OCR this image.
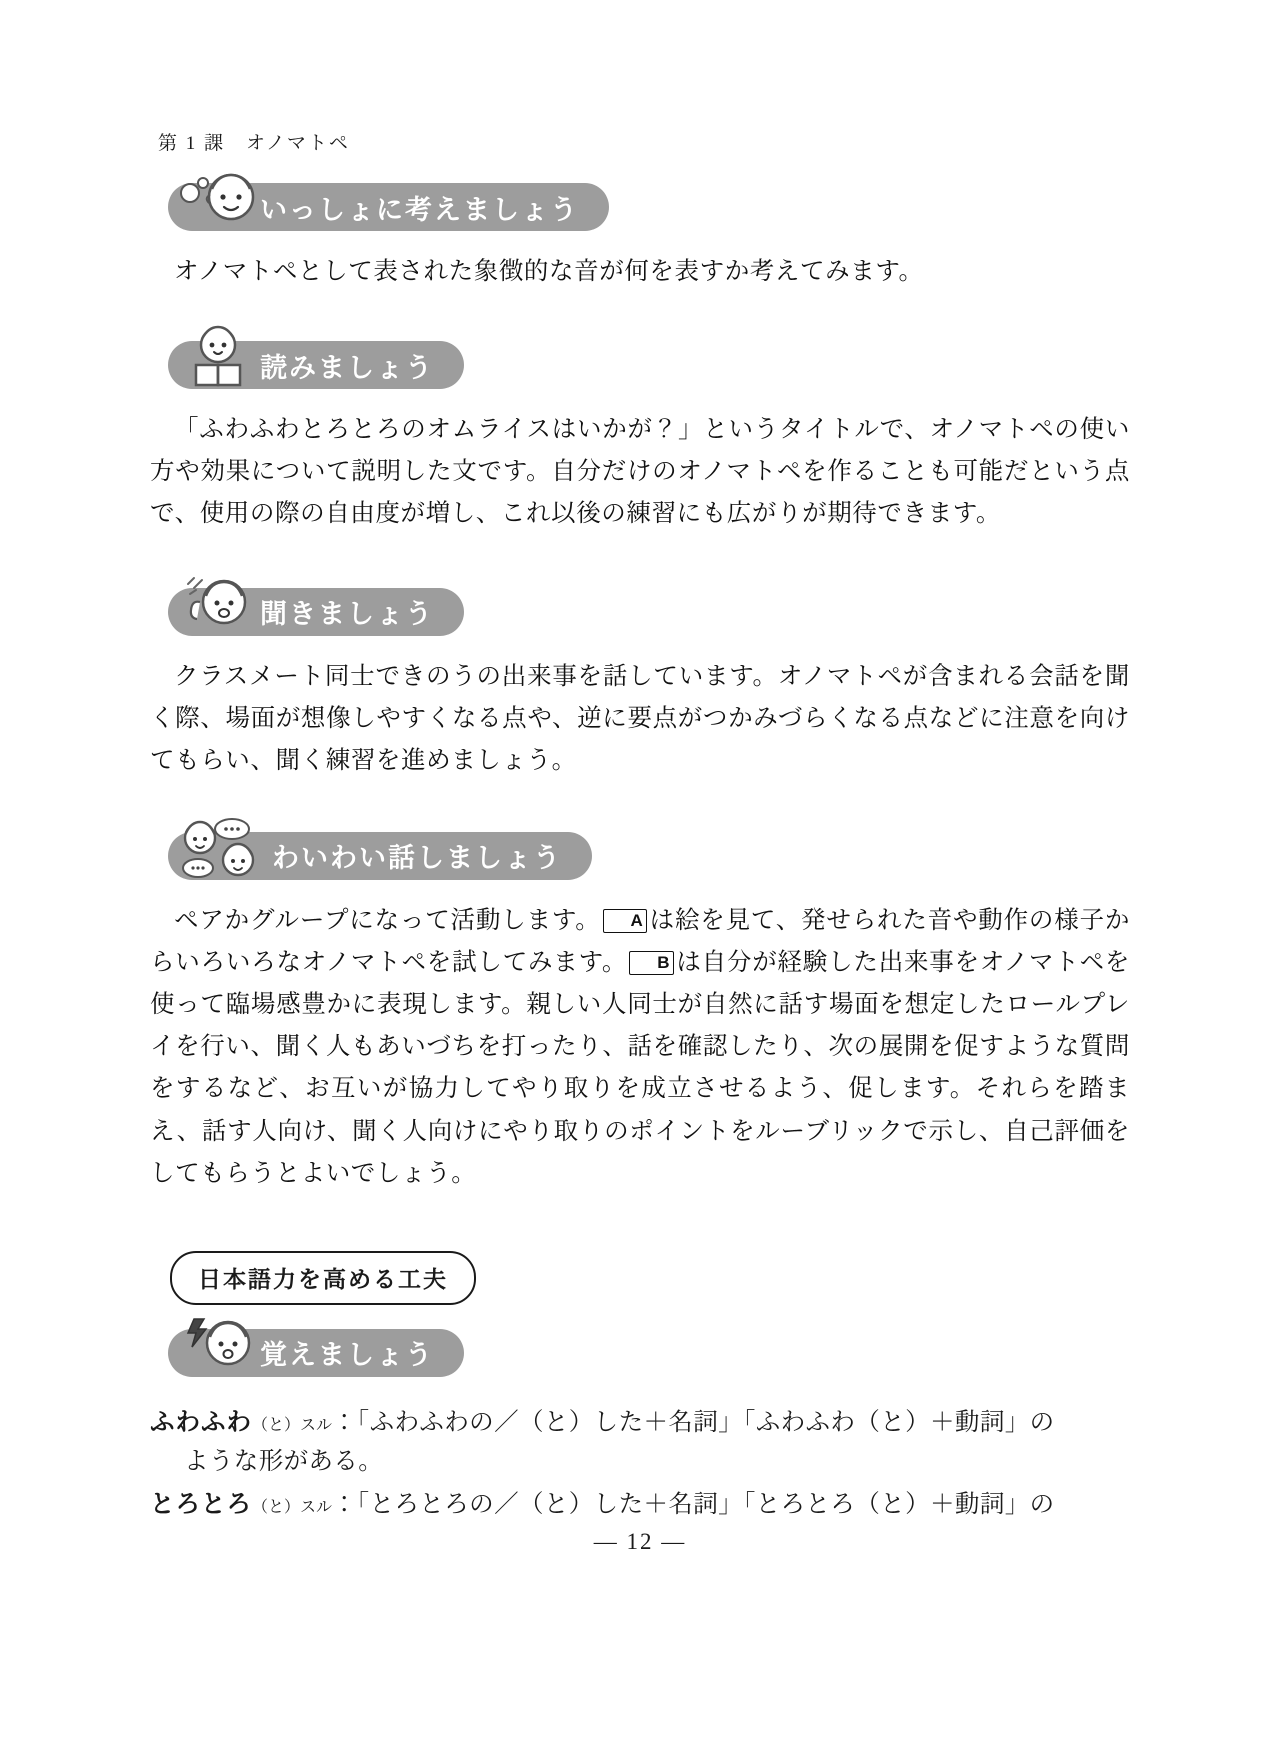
第 1 課　オノマトペ
いっしょに考えましょう

オノマトペとして表された象徴的な音が何を表すか考えてみます。

読みましょう

「ふわふわとろとろのオムライスはいかが？」というタイトルで、オノマトペの使い方や効果について説明した文です。自分だけのオノマトペを作ることも可能だという点で、使用の際の自由度が増し、これ以後の練習にも広がりが期待できます。

聞きましょう

クラスメート同士できのうの出来事を話しています。オノマトペが含まれる会話を聞く際、場面が想像しやすくなる点や、逆に要点がつかみづらくなる点などに注意を向けてもらい、聞く練習を進めましょう。

わいわい話しましょう

ペアかグループになって活動します。 A は絵を見て、発せられた音や動作の様子からいろいろなオノマトペを試してみます。 B は自分が経験した出来事をオノマトペを使って臨場感豊かに表現します。親しい人同士が自然に話す場面を想定したロールプレイを行い、聞く人もあいづちを打ったり、話を確認したり、次の展開を促すような質問をするなど、お互いが協力してやり取りを成立させるよう、促します。それらを踏まえ、話す人向け、聞く人向けにやり取りのポイントをルーブリックで示し、自己評価をしてもらうとよいでしょう。

日本語力を高める工夫
覚えましょう
ふわふわ（と）スル：「ふわふわの／（と）した＋名詞」「ふわふわ（と）＋動詞」の
ような形がある。
とろとろ（と）スル：「とろとろの／（と）した＋名詞」「とろとろ（と）＋動詞」の
— 12 —
